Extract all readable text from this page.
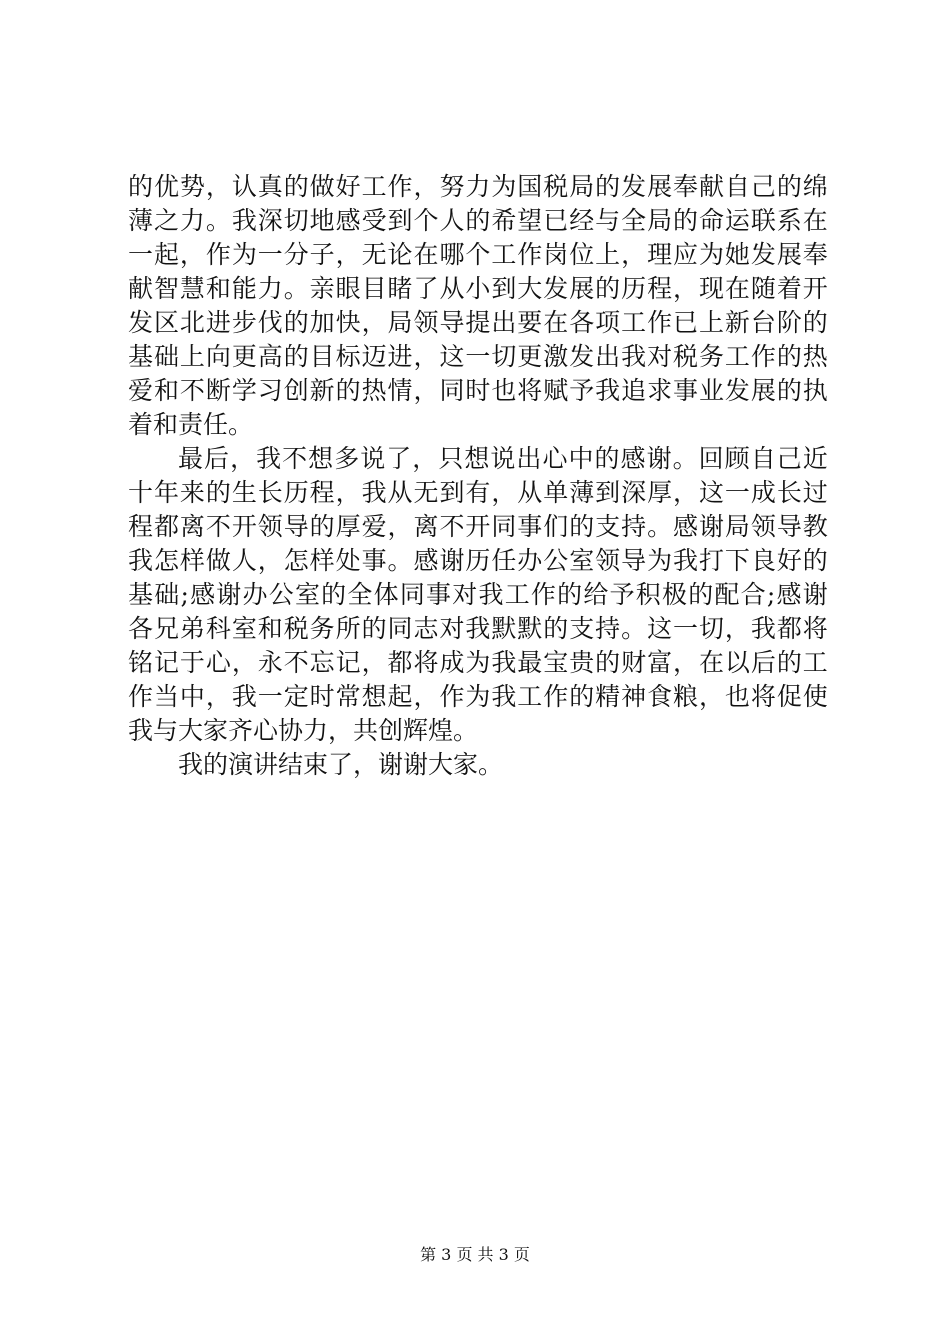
的 优 势 ， 认 真 的 做 好 工 作 ， 努 力 为 国 税 局 的 发 展 奉 献 自 己 的 绵
薄 之 力 。 我 深 切 地 感 受 到 个 人 的 希 望 已 经 与 全 局 的 命 运 联 系 在
一 起 ， 作 为 一 分 子 ， 无 论 在 哪 个 工 作 岗 位 上 ， 理 应 为 她 发 展 奉
献 智 慧 和 能 力 。 亲 眼 目 睹 了 从 小 到 大 发 展 的 历 程 ， 现 在 随 着 开
发 区 北 进 步 伐 的 加 快 ， 局 领 导 提 出 要 在 各 项 工 作 已 上 新 台 阶 的
基 础 上 向 更 高 的 目 标 迈 进 ， 这 一 切 更 激 发 出 我 对 税 务 工 作 的 热
爱 和 不 断 学 习 创 新 的 热 情 ， 同 时 也 将 赋 予 我 追 求 事 业 发 展 的 执
着和责任。
最 后 ， 我 不 想 多 说 了 ， 只 想 说 出 心 中 的 感 谢 。 回 顾 自 己 近
十 年 来 的 生 长 历 程 ， 我 从 无 到 有 ， 从 单 薄 到 深 厚 ， 这 一 成 长 过
程 都 离 不 开 领 导 的 厚 爱 ， 离 不 开 同 事 们 的 支 持 。 感 谢 局 领 导 教
我 怎 样 做 人 ， 怎 样 处 事 。 感 谢 历 任 办 公 室 领 导 为 我 打 下 良 好 的
基 础 ; 感 谢 办 公 室 的 全 体 同 事 对 我 工 作 的 给 予 积 极 的 配 合 ; 感 谢
各 兄 弟 科 室 和 税 务 所 的 同 志 对 我 默 默 的 支 持 。 这 一 切 ， 我 都 将
铭 记 于 心 ， 永 不 忘 记 ， 都 将 成 为 我 最 宝 贵 的 财 富 ， 在 以 后 的 工
作 当 中 ， 我 一 定 时 常 想 起 ， 作 为 我 工 作 的 精 神 食 粮 ， 也 将 促 使
我与大家齐心协力，共创辉煌。
我的演讲结束了，谢谢大家。
第 3 页 共 3 页
